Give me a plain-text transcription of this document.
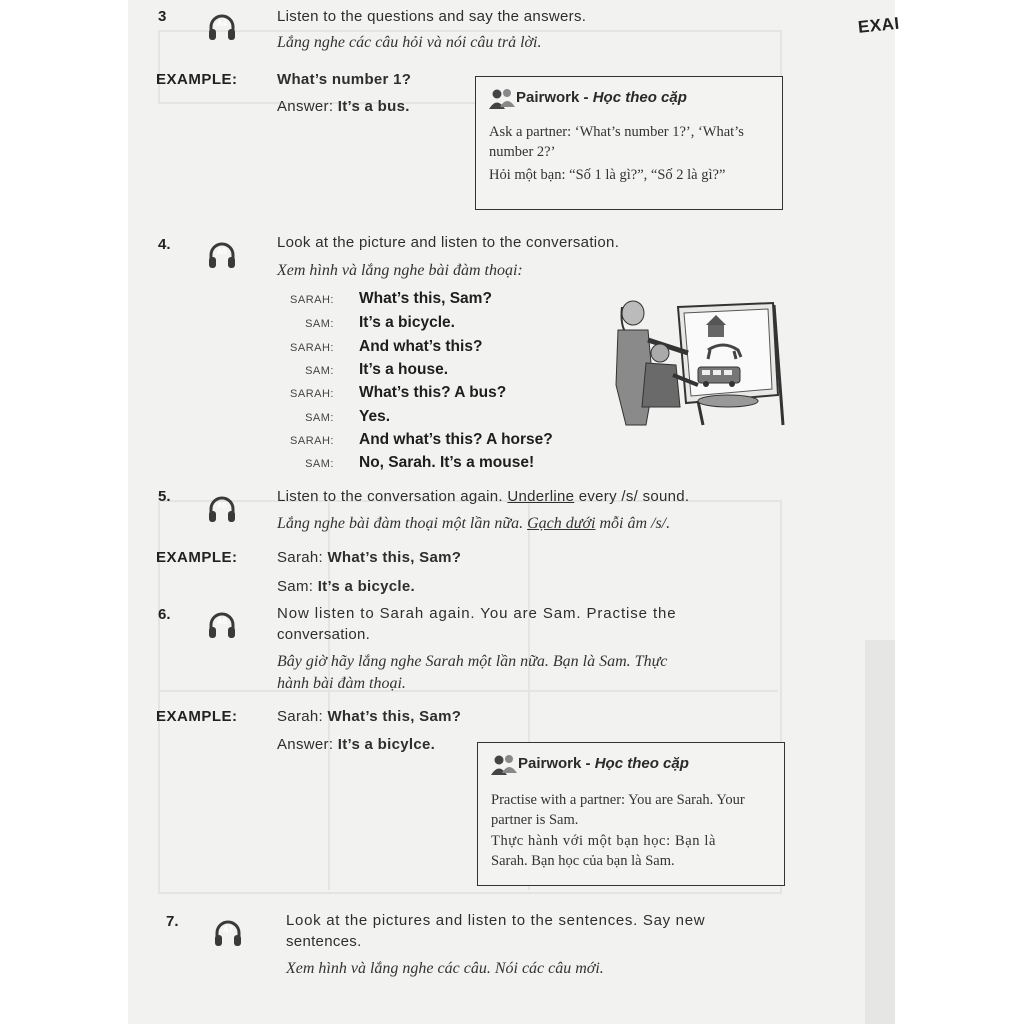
EXAI
3	A4	Listen to the questions and say the answers.
Lắng nghe các câu hỏi và nói câu trả lời.
EXAMPLE:	What’s number 1?
Answer: It’s a bus.
Pairwork - Học theo cặp
Ask a partner: ‘What’s number 1?’, ‘What’s number 2?’
Hỏi một bạn: “Số 1 là gì?”, “Số 2 là gì?”
4.	A5
Look at the picture and listen to the conversation.
Xem hình và lắng nghe bài đàm thoại:
SARAH: What’s this, Sam?
SAM: It’s a bicycle.
SARAH: And what’s this?
SAM: It’s a house.
SARAH: What’s this? A bus?
SAM: Yes.
SARAH: And what’s this? A horse?
SAM: No, Sarah. It’s a mouse!
5.
A5
Listen to the conversation again. Underline every /s/ sound.
Lắng nghe bài đàm thoại một lần nữa. Gạch dưới mỗi âm /s/.
EXAMPLE:	Sarah: What’s this, Sam?
Sam: It’s a bicycle.
6.	A6	Now listen to Sarah again. You are Sam. Practise the
conversation.
Bây giờ hãy lắng nghe Sarah một lần nữa. Bạn là Sam. Thực
hành bài đàm thoại.
EXAMPLE:	Sarah: What’s this, Sam?
Answer: It’s a bicylce.
Pairwork - Học theo cặp
Practise with a partner: You are Sarah. Your
partner is Sam.
Thực hành với một bạn học: Bạn là
Sarah. Bạn học của bạn là Sam.
7.	A7
Look at the pictures and listen to the sentences. Say new
sentences.
Xem hình và lắng nghe các câu. Nói các câu mới.
